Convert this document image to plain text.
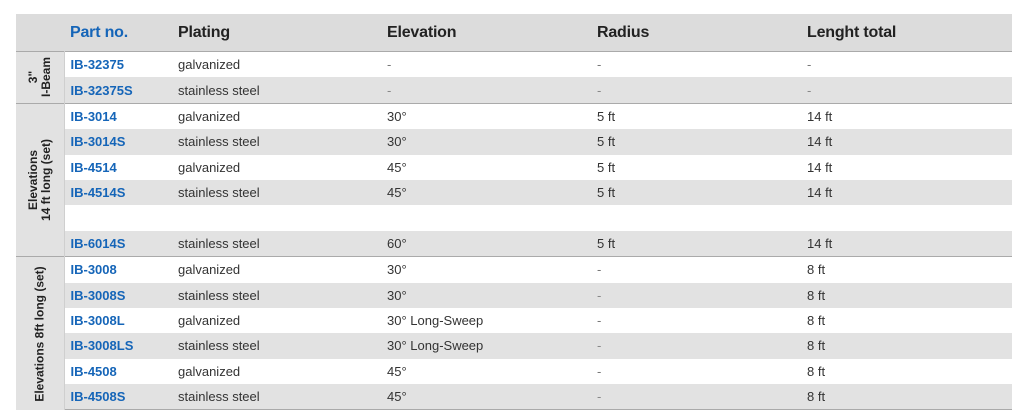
	Part no.	Plating	Elevation	Radius	Lenght total

3" I-Beam	IB-32375	galvanized	-	-	-
	IB-32375S	stainless steel	-	-	-

Elevations 14 ft long (set)	IB-3014	galvanized	30°	5 ft	14 ft
	IB-3014S	stainless steel	30°	5 ft	14 ft
	IB-4514	galvanized	45°	5 ft	14 ft
	IB-4514S	stainless steel	45°	5 ft	14 ft

	IB-6014S	stainless steel	60°	5 ft	14 ft

Elevations 8ft long (set)	IB-3008	galvanized	30°	-	8 ft
	IB-3008S	stainless steel	30°	-	8 ft
	IB-3008L	galvanized	30° Long-Sweep	-	8 ft
	IB-3008LS	stainless steel	30° Long-Sweep	-	8 ft
	IB-4508	galvanized	45°	-	8 ft
	IB-4508S	stainless steel	45°	-	8 ft
